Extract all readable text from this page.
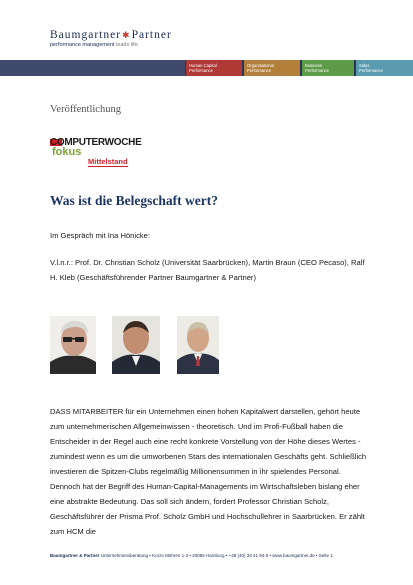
Baumgartner✱Partner
performance management leads life
Human Capital
Performance
Organisational
Performance
Business
Performance
Sales
Performance
Veröffentlichung
COMPUTERWOCHE
fokus
Mittelstand
Was ist die Belegschaft wert?

Im Gespräch mit Ina Hönicke:

V.l.n.r.: Prof. Dr. Christian Scholz (Universität Saarbrücken), Martin Braun (CEO Pecaso), Ralf H. Kleb (Geschäftsführender Partner Baumgartner & Partner)

DASS MITARBEITER für ein Unternehmen einen hohen Kapitalwert darstellen, gehört heute zum unternehmerischen Allgemeinwissen - theoretisch. Und im Profi-Fußball haben die Entscheider in der Regel auch eine recht konkrete Vorstellung von der Höhe dieses Wertes - zumindest wenn es um die umworbenen Stars des internationalen Geschäfts geht. Schließlich investieren die Spitzen-Clubs regelmäßig Millionensummen in ihr spielendes Personal. Dennoch hat der Begriff des Human-Capital-Managements im Wirtschaftsleben bislang eher eine abstrakte Bedeutung. Das soll sich ändern, fordert Professor Christian Scholz, Geschäftsführer der Prisma Prof. Scholz GmbH und Hochschullehrer in Saarbrücken. Er zählt zum HCM die

Baumgartner & Partner Unternehmensberatung • Kurze Mühren 1-3 • 20095 Hamburg • +49 (40) 33 41 94-0 • www.baumgartner.de • Seite 1
